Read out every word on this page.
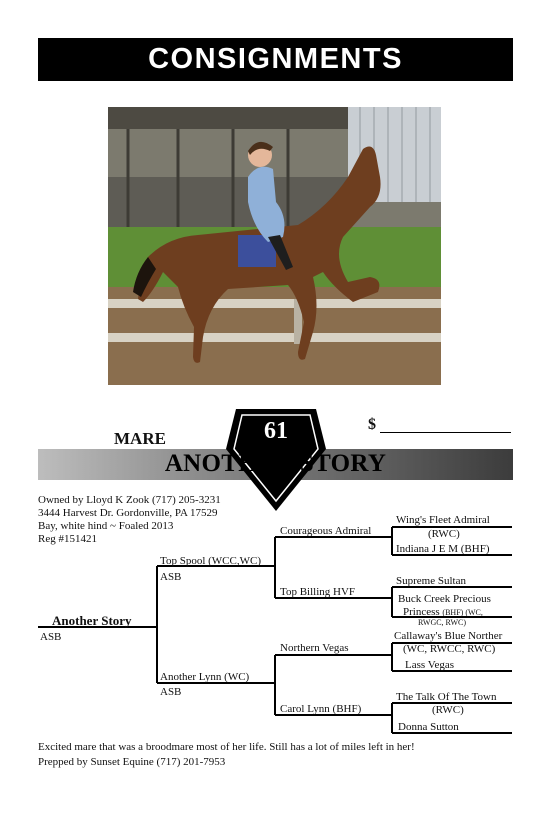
CONSIGNMENTS
MARE
$
61
ANOTHER STORY
Owned by Lloyd K Zook (717) 205-3231
3444 Harvest Dr. Gordonville, PA 17529
Bay, white hind ~ Foaled 2013
Reg #151421
Another Story
ASB
Top Spool (WCC,WC)
ASB
Another Lynn (WC)
ASB
Courageous Admiral
Top Billing HVF
Northern Vegas
Carol Lynn (BHF)
Wing's Fleet Admiral
(RWC)
Indiana J E M (BHF)
Supreme Sultan
Buck Creek Precious
Princess (BHF) (WC,
RWGC, RWC)
Callaway's Blue Norther
(WC, RWCC, RWC)
Lass Vegas
The Talk Of The Town
(RWC)
Donna Sutton
Excited mare that was a broodmare most of her life. Still has a lot of miles left in her!
Prepped by Sunset Equine (717) 201-7953
